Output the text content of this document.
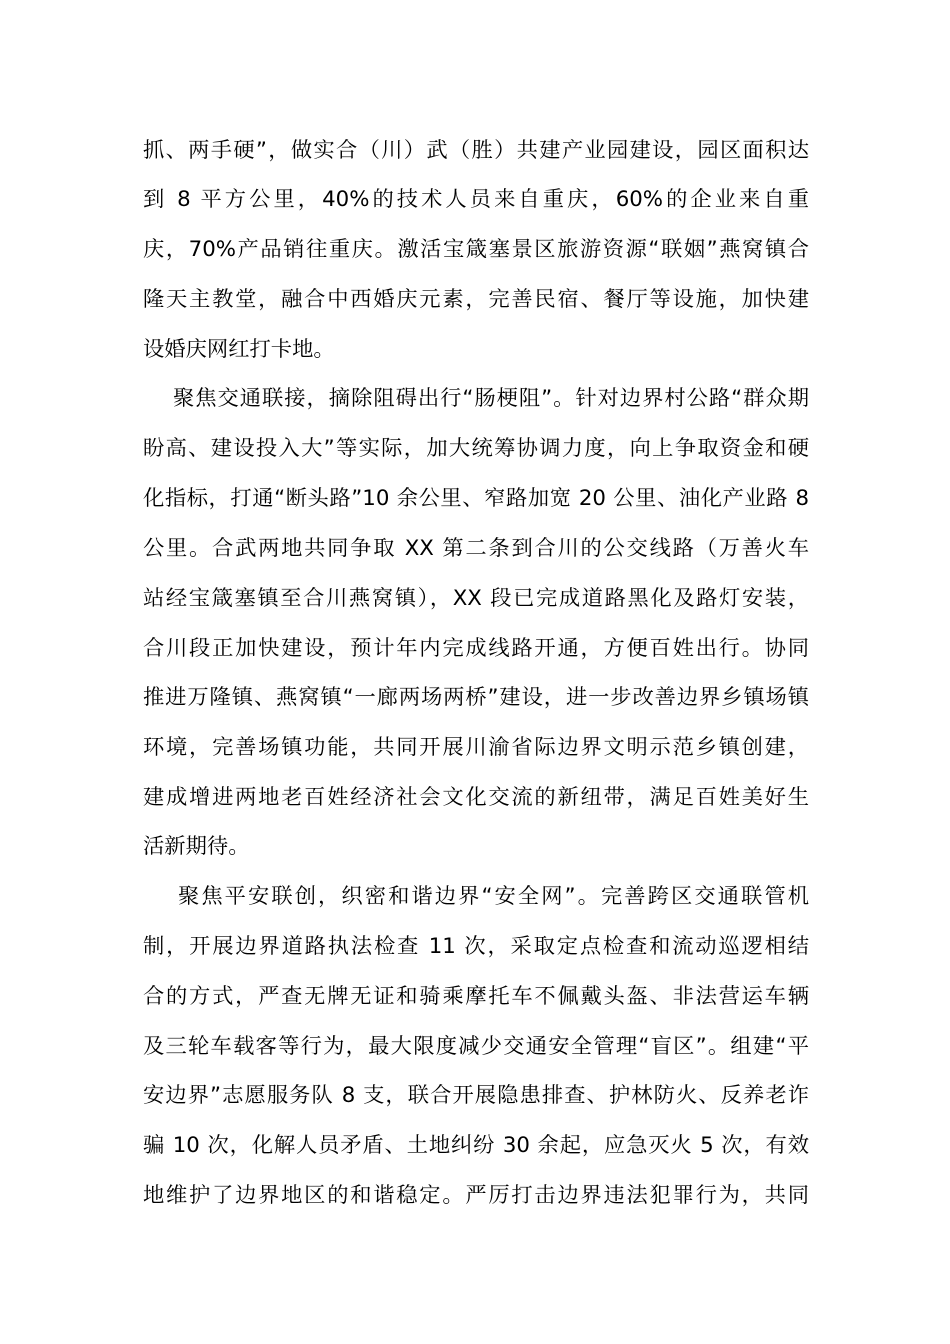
抓、两手硬”，做实合（川）武（胜）共建产业园建设，园区面积达
到 8 平方公里，40%的技术人员来自重庆，60%的企业来自重
庆，70%产品销往重庆。激活宝箴塞景区旅游资源“联姻”燕窝镇合
隆天主教堂，融合中西婚庆元素，完善民宿、餐厅等设施，加快建
设婚庆网红打卡地。
聚焦交通联接，摘除阻碍出行“肠梗阻”。针对边界村公路“群众期
盼高、建设投入大”等实际，加大统筹协调力度，向上争取资金和硬
化指标，打通“断头路”10 余公里、窄路加宽 20 公里、油化产业路 8
公里。合武两地共同争取 XX 第二条到合川的公交线路（万善火车
站经宝箴塞镇至合川燕窝镇），XX 段已完成道路黑化及路灯安装，
合川段正加快建设，预计年内完成线路开通，方便百姓出行。协同
推进万隆镇、燕窝镇“一廊两场两桥”建设，进一步改善边界乡镇场镇
环境，完善场镇功能，共同开展川渝省际边界文明示范乡镇创建，
建成增进两地老百姓经济社会文化交流的新纽带，满足百姓美好生
活新期待。
聚焦平安联创，织密和谐边界“安全网”。完善跨区交通联管机
制，开展边界道路执法检查 11 次，采取定点检查和流动巡逻相结
合的方式，严查无牌无证和骑乘摩托车不佩戴头盔、非法营运车辆
及三轮车载客等行为，最大限度减少交通安全管理“盲区”。组建“平
安边界”志愿服务队 8 支，联合开展隐患排查、护林防火、反养老诈
骗 10 次，化解人员矛盾、土地纠纷 30 余起，应急灭火 5 次，有效
地维护了边界地区的和谐稳定。严厉打击边界违法犯罪行为，共同
